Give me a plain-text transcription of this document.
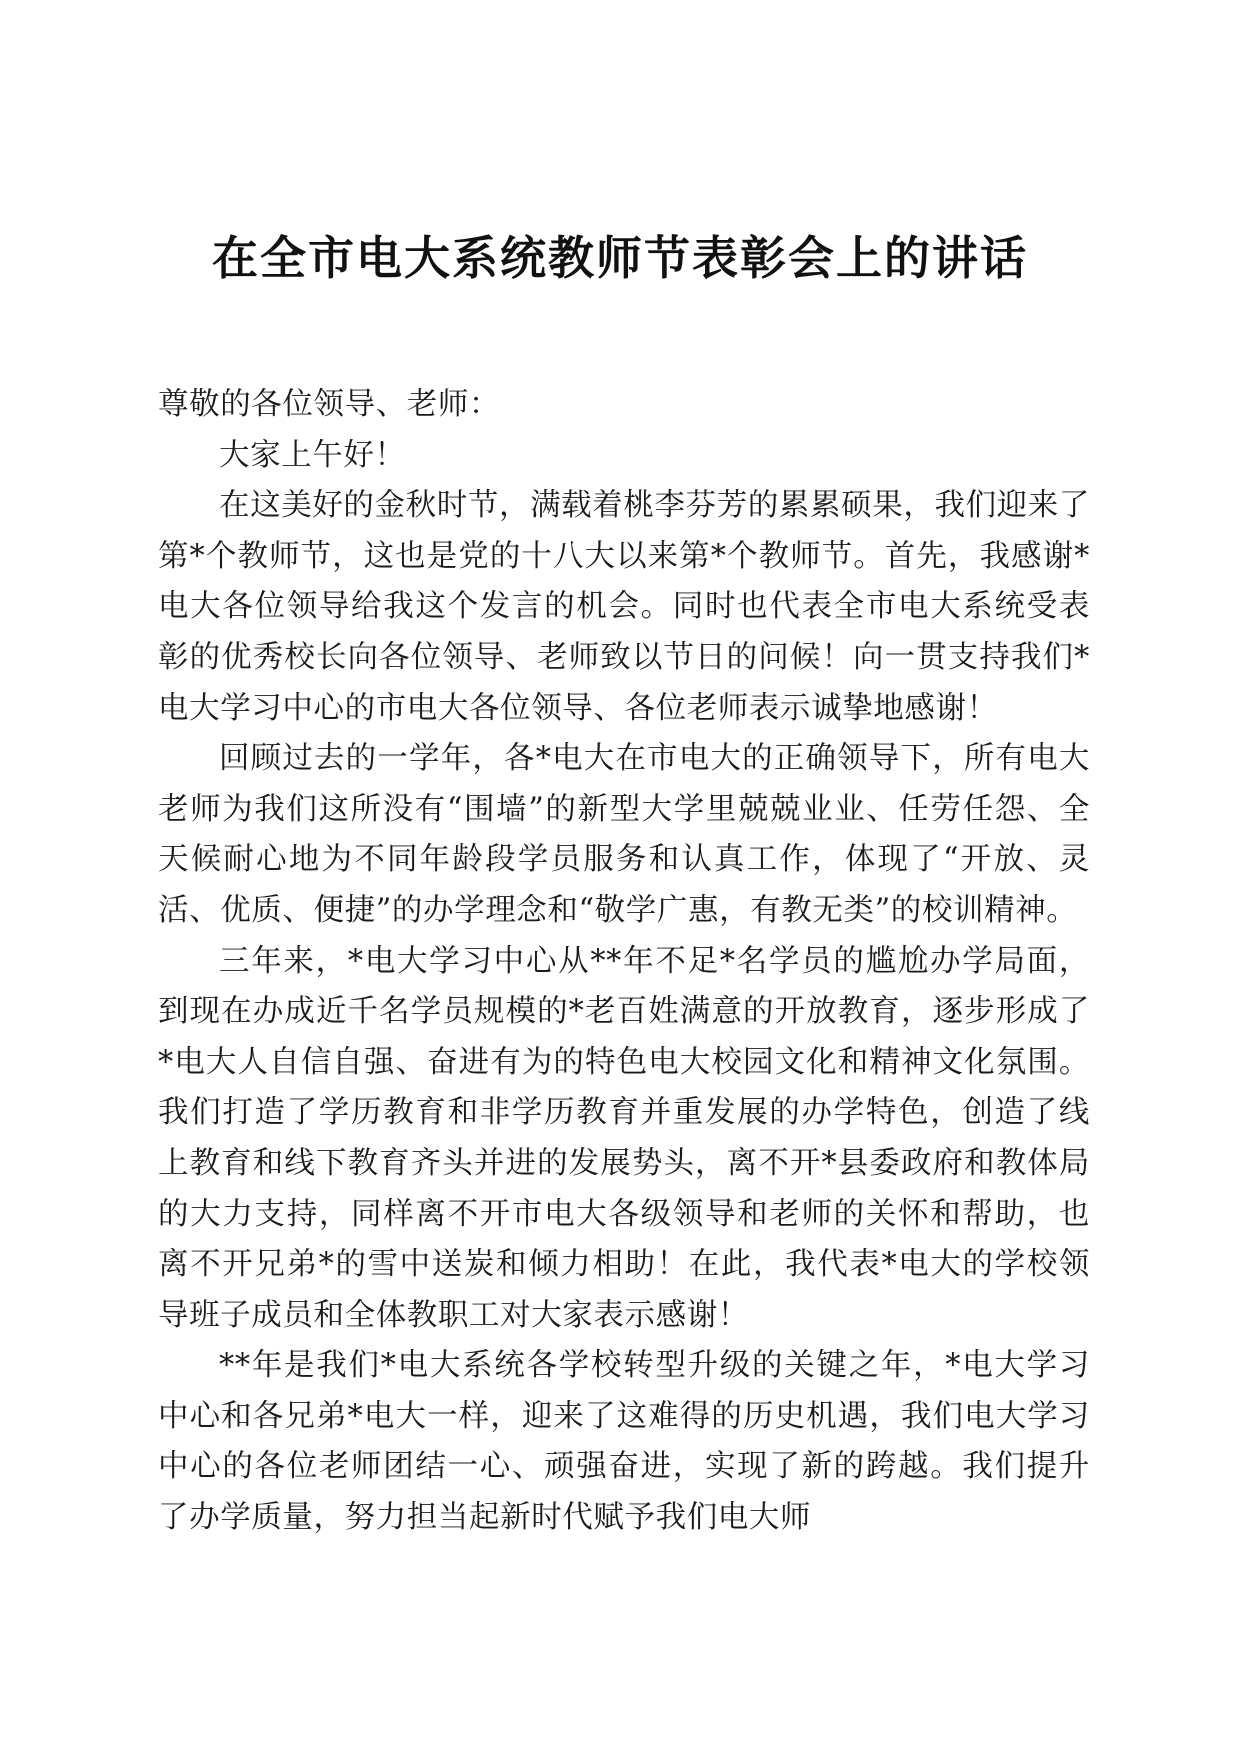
在全市电大系统教师节表彰会上的讲话

尊敬的各位领导、老师：

大家上午好！

在这美好的金秋时节，满载着桃李芬芳的累累硕果，我们迎来了第*个教师节，这也是党的十八大以来第*个教师节。首先，我感谢*电大各位领导给我这个发言的机会。同时也代表全市电大系统受表彰的优秀校长向各位领导、老师致以节日的问候！向一贯支持我们*电大学习中心的市电大各位领导、各位老师表示诚挚地感谢！

回顾过去的一学年，各*电大在市电大的正确领导下，所有电大老师为我们这所没有“围墙”的新型大学里兢兢业业、任劳任怨、全天候耐心地为不同年龄段学员服务和认真工作，体现了“开放、灵活、优质、便捷”的办学理念和“敬学广惠，有教无类”的校训精神。

三年来，*电大学习中心从**年不足*名学员的尴尬办学局面，到现在办成近千名学员规模的*老百姓满意的开放教育，逐步形成了*电大人自信自强、奋进有为的特色电大校园文化和精神文化氛围。我们打造了学历教育和非学历教育并重发展的办学特色，创造了线上教育和线下教育齐头并进的发展势头，离不开*县委政府和教体局的大力支持，同样离不开市电大各级领导和老师的关怀和帮助，也离不开兄弟*的雪中送炭和倾力相助！在此，我代表*电大的学校领导班子成员和全体教职工对大家表示感谢！

**年是我们*电大系统各学校转型升级的关键之年，*电大学习中心和各兄弟*电大一样，迎来了这难得的历史机遇，我们电大学习中心的各位老师团结一心、顽强奋进，实现了新的跨越。我们提升了办学质量，努力担当起新时代赋予我们电大师
